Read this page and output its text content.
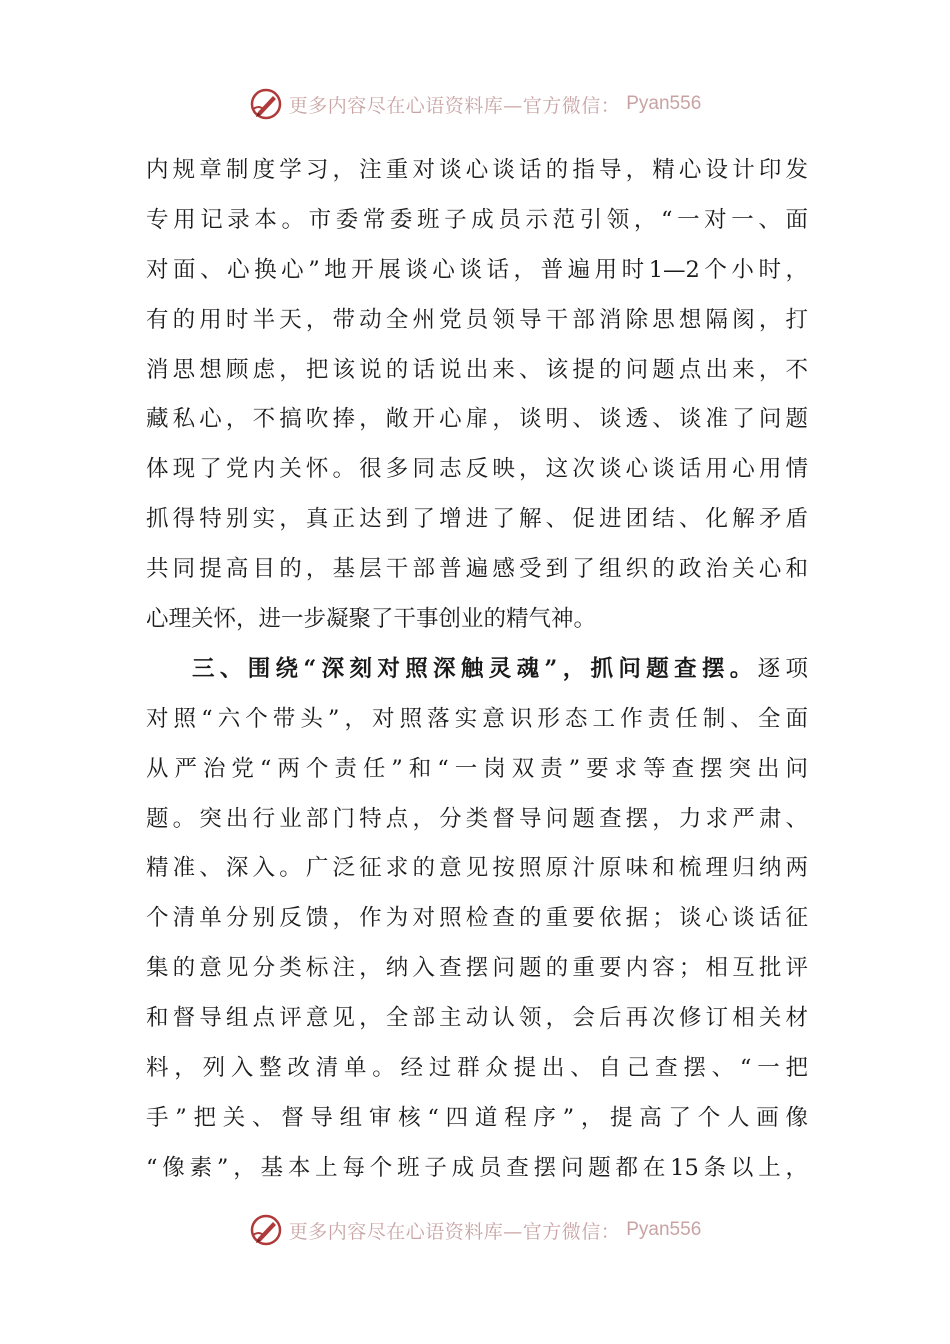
更多内容尽在心语资料库—官方微信： Pyan556
内规章制度学习，注重对谈心谈话的指导，精心设计印发
专用记录本。市委常委班子成员示范引领，“一对一、面
对面、心换心”地开展谈心谈话，普遍用时1—2个小时，
有的用时半天，带动全州党员领导干部消除思想隔阂，打
消思想顾虑，把该说的话说出来、该提的问题点出来，不
藏私心，不搞吹捧，敞开心扉，谈明、谈透、谈准了问题
体现了党内关怀。很多同志反映，这次谈心谈话用心用情
抓得特别实，真正达到了增进了解、促进团结、化解矛盾
共同提高目的，基层干部普遍感受到了组织的政治关心和
心理关怀，进一步凝聚了干事创业的精气神。
三、围绕“深刻对照深触灵魂”，抓问题查摆。逐项
对照“六个带头”，对照落实意识形态工作责任制、全面
从严治党“两个责任”和“一岗双责”要求等查摆突出问
题。突出行业部门特点，分类督导问题查摆，力求严肃、
精准、深入。广泛征求的意见按照原汁原味和梳理归纳两
个清单分别反馈，作为对照检查的重要依据；谈心谈话征
集的意见分类标注，纳入查摆问题的重要内容；相互批评
和督导组点评意见，全部主动认领，会后再次修订相关材
料，列入整改清单。经过群众提出、自己查摆、“一把
手”把关、督导组审核“四道程序”，提高了个人画像
“像素”，基本上每个班子成员查摆问题都在15条以上，
更多内容尽在心语资料库—官方微信： Pyan556
